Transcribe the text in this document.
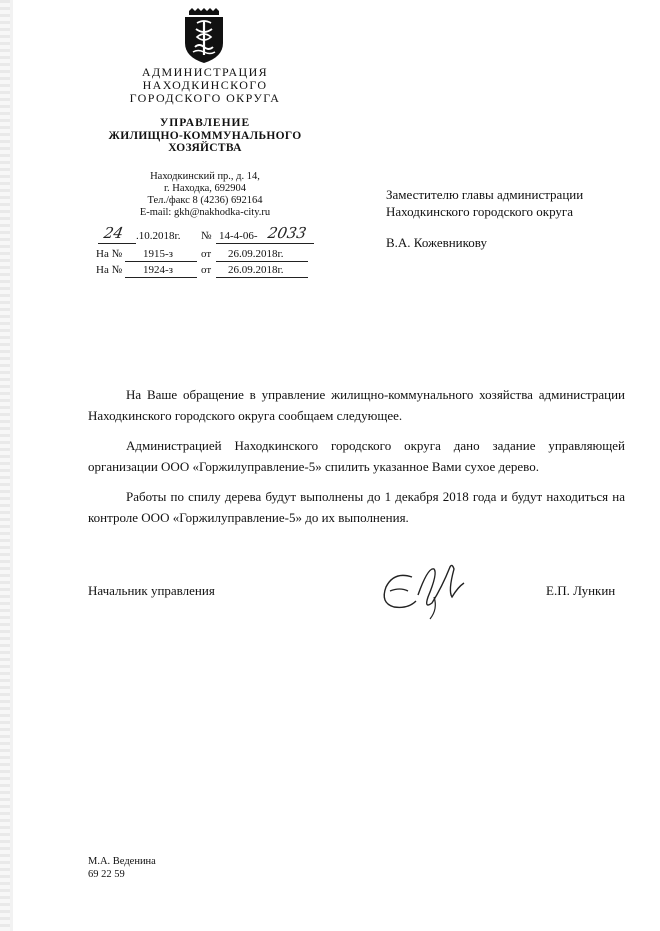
АДМИНИСТРАЦИЯ
НАХОДКИНСКОГО
ГОРОДСКОГО ОКРУГА
УПРАВЛЕНИЕ
ЖИЛИЩНО-КОММУНАЛЬНОГО
ХОЗЯЙСТВА
Находкинский пр., д. 14,
г. Находка, 692904
Тел./факс 8 (4236) 692164
E-mail: gkh@nakhodka-city.ru
24 .10.2018г. № 14-4-06- 2033
На № 1915-з	от 26.09.2018г.
На № 1924-з	от 26.09.2018г.
Заместителю главы администрации
Находкинского городского округа
В.А. Кожевникову

На Ваше обращение в управление жилищно-коммунального хозяйства администрации Находкинского городского округа сообщаем следующее.

Администрацией Находкинского городского округа дано задание управляющей организации ООО «Горжилуправление-5» спилить указанное Вами сухое дерево.

Работы по спилу дерева будут выполнены до 1 декабря 2018 года и будут находиться на контроле ООО «Горжилуправление-5» до их выполнения.

Начальник управления	Е.П. Лункин
М.А. Веденина
69 22 59
